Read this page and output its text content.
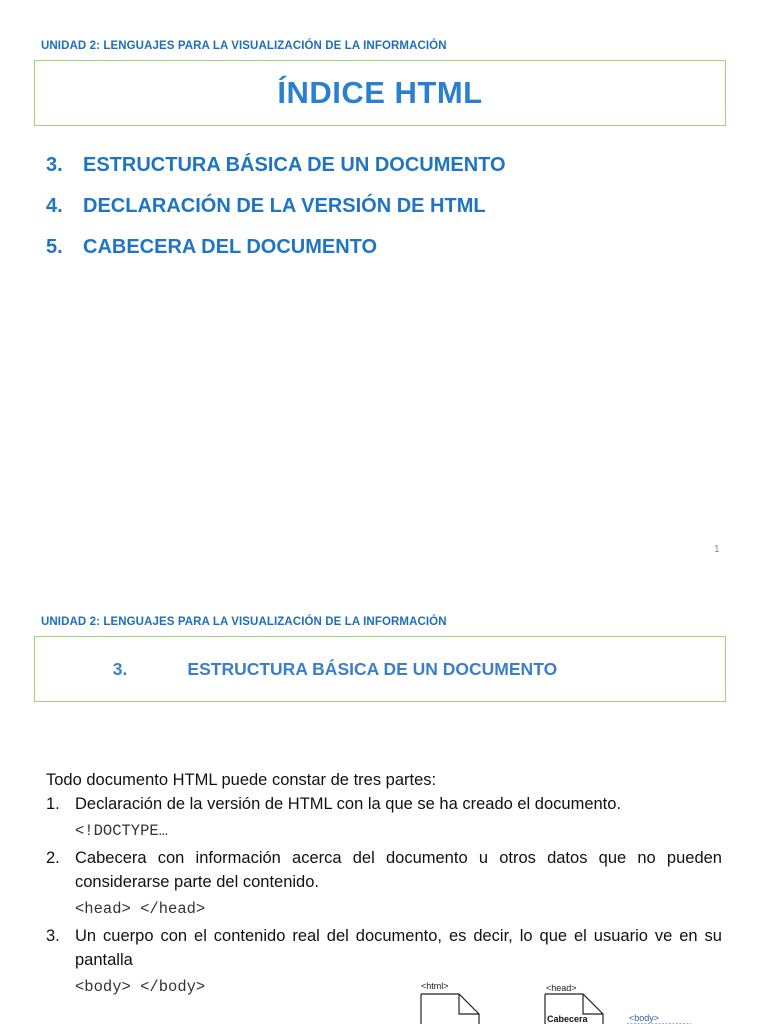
UNIDAD 2: LENGUAJES PARA LA VISUALIZACIÓN DE LA INFORMACIÓN
ÍNDICE HTML
3.	ESTRUCTURA BÁSICA DE UN DOCUMENTO
4.	DECLARACIÓN DE LA VERSIÓN DE HTML
5.	CABECERA DEL DOCUMENTO
1
UNIDAD 2: LENGUAJES PARA LA VISUALIZACIÓN DE LA INFORMACIÓN
3.	ESTRUCTURA BÁSICA DE UN DOCUMENTO
Todo documento HTML puede constar de tres partes:
1. Declaración de la versión de HTML con la que se ha creado el documento.
<!DOCTYPE…
2. Cabecera con información acerca del documento u otros datos que no pueden considerarse parte del contenido.
<head> </head>
3. Un cuerpo con el contenido real del documento, es decir, lo que el usuario ve en su pantalla
<body> </body>	<html>	<head>
Cabecera	<body>
